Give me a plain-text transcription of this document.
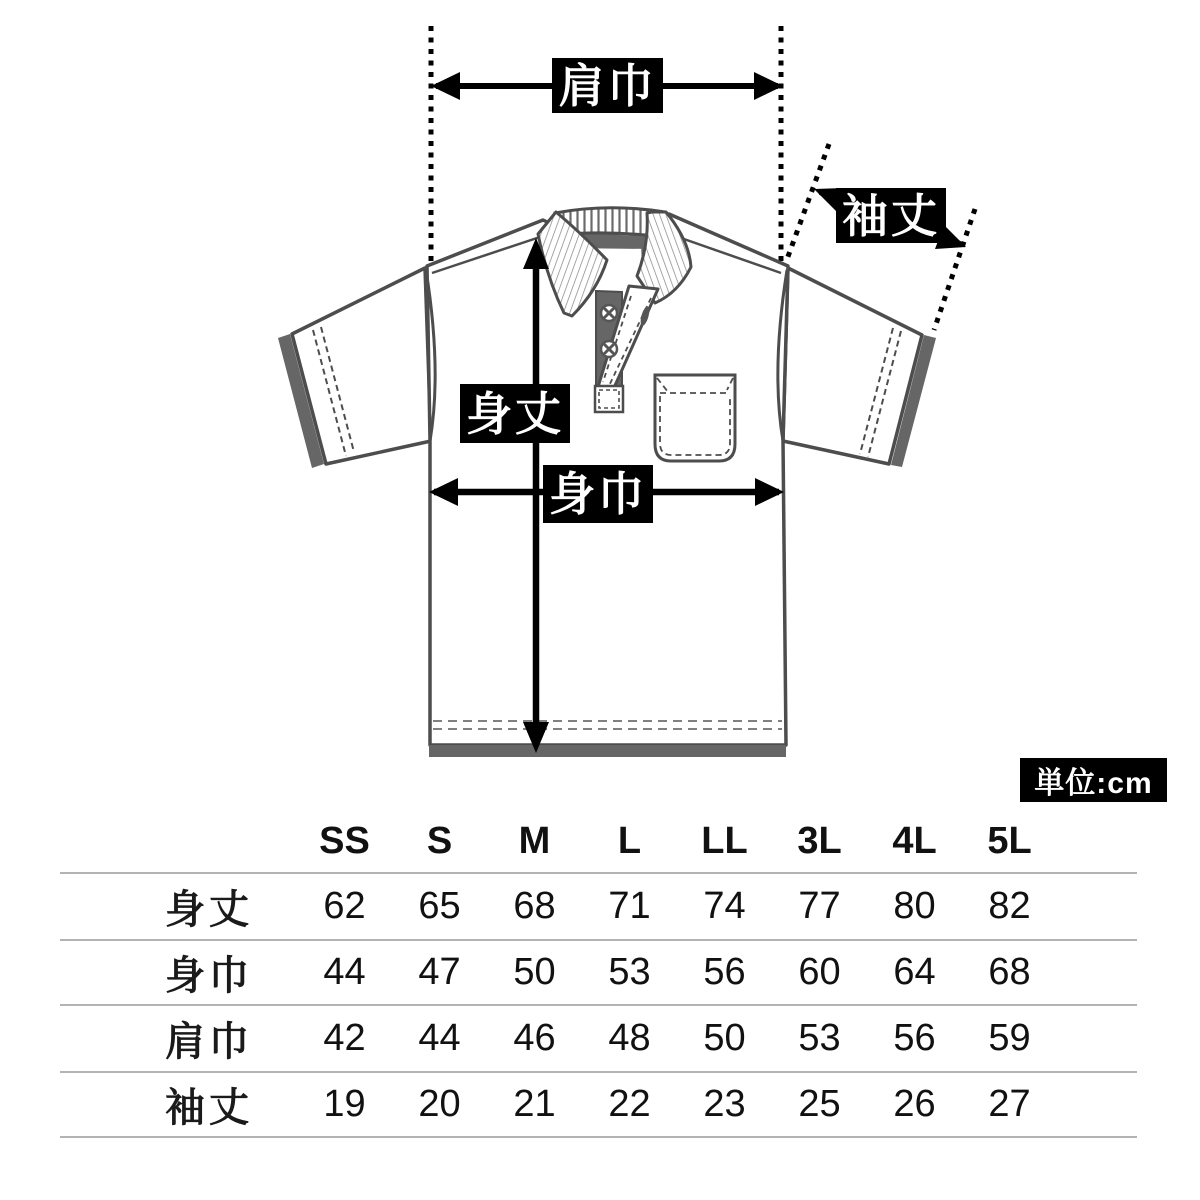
肩巾
袖丈
身丈
身巾
単位:cm
	SS	S	M	L	LL	3L	4L	5L	
身丈	62	65	68	71	74	77	80	82	
身巾	44	47	50	53	56	60	64	68	
肩巾	42	44	46	48	50	53	56	59	
袖丈	19	20	21	22	23	25	26	27	
